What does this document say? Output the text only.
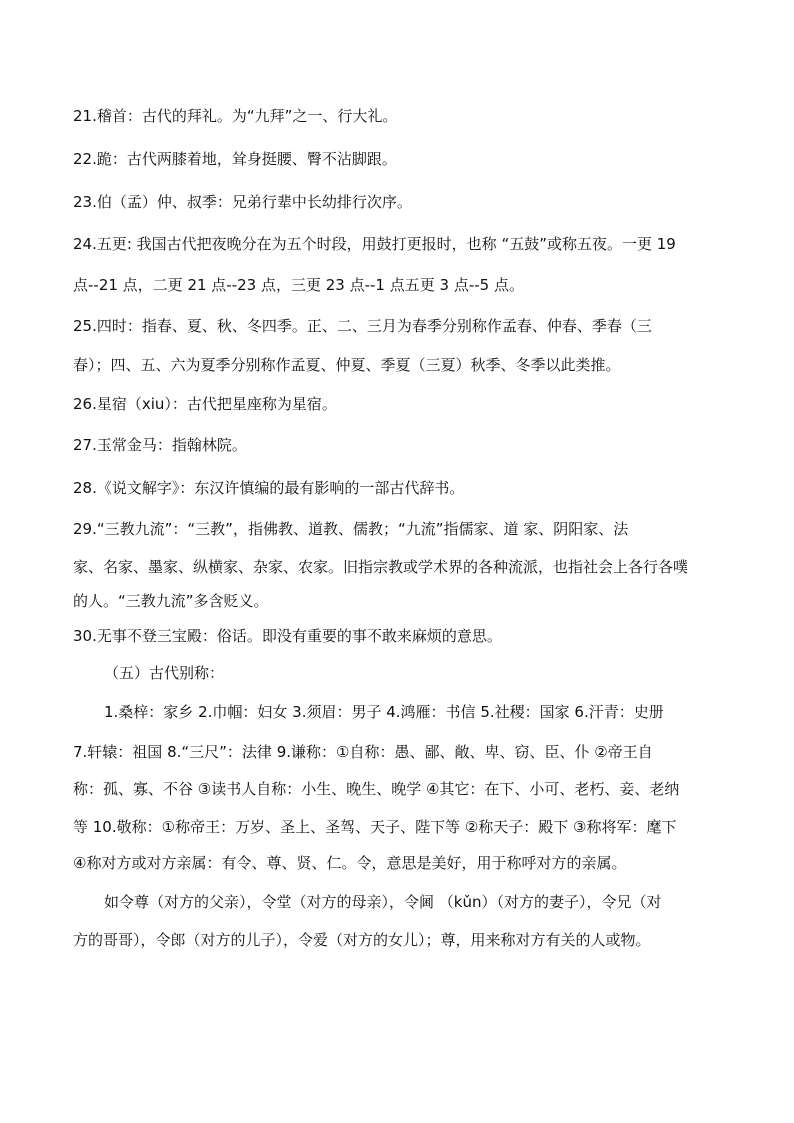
21.稽首：古代的拜礼。为“九拜”之一、行大礼。
22.跪：古代两膝着地，耸身挺腰、臀不沾脚跟。
23.伯（孟）仲、叔季：兄弟行辈中长幼排行次序。
24.五更: 我国古代把夜晚分在为五个时段，用鼓打更报时，也称 “五鼓”或称五夜。一更 19
点--21 点，二更 21 点--23 点，三更 23 点--1 点五更 3 点--5 点。
25.四时：指春、夏、秋、冬四季。正、二、三月为春季分别称作孟春、仲春、季春（三
春）；四、五、六为夏季分别称作孟夏、仲夏、季夏（三夏）秋季、冬季以此类推。
26.星宿（xiu）：古代把星座称为星宿。
27.玉常金马：指翰林院。
28.《说文解字》：东汉许慎编的最有影响的一部古代辞书。
29.“三教九流”：“三教”，指佛教、道教、儒教；“九流”指儒家、道 家、阴阳家、法
家、名家、墨家、纵横家、杂家、农家。旧指宗教或学术界的各种流派，也指社会上各行各噗
的人。“三教九流”多含贬义。
30.无事不登三宝殿：俗话。即没有重要的事不敢来麻烦的意思。
（五）古代别称：
1.桑梓：家乡 2.巾帼：妇女 3.须眉：男子 4.鸿雁：书信 5.社稷：国家 6.汗青：史册
7.轩辕：祖国 8.“三尺”：法律 9.谦称：①自称：愚、鄙、敞、卑、窃、臣、仆 ②帝王自
称：孤、寡、不谷 ③读书人自称：小生、晚生、晚学 ④其它：在下、小可、老朽、妾、老纳
等 10.敬称：①称帝王：万岁、圣上、圣驾、天子、陛下等 ②称天子：殿下 ③称将军：麾下
④称对方或对方亲属：有令、尊、贤、仁。令，意思是美好，用于称呼对方的亲属。
如令尊（对方的父亲），令堂（对方的母亲），令阃 （kǔn）（对方的妻子），令兄（对
方的哥哥），令郎（对方的儿子），令爱（对方的女儿）；尊，用来称对方有关的人或物。
